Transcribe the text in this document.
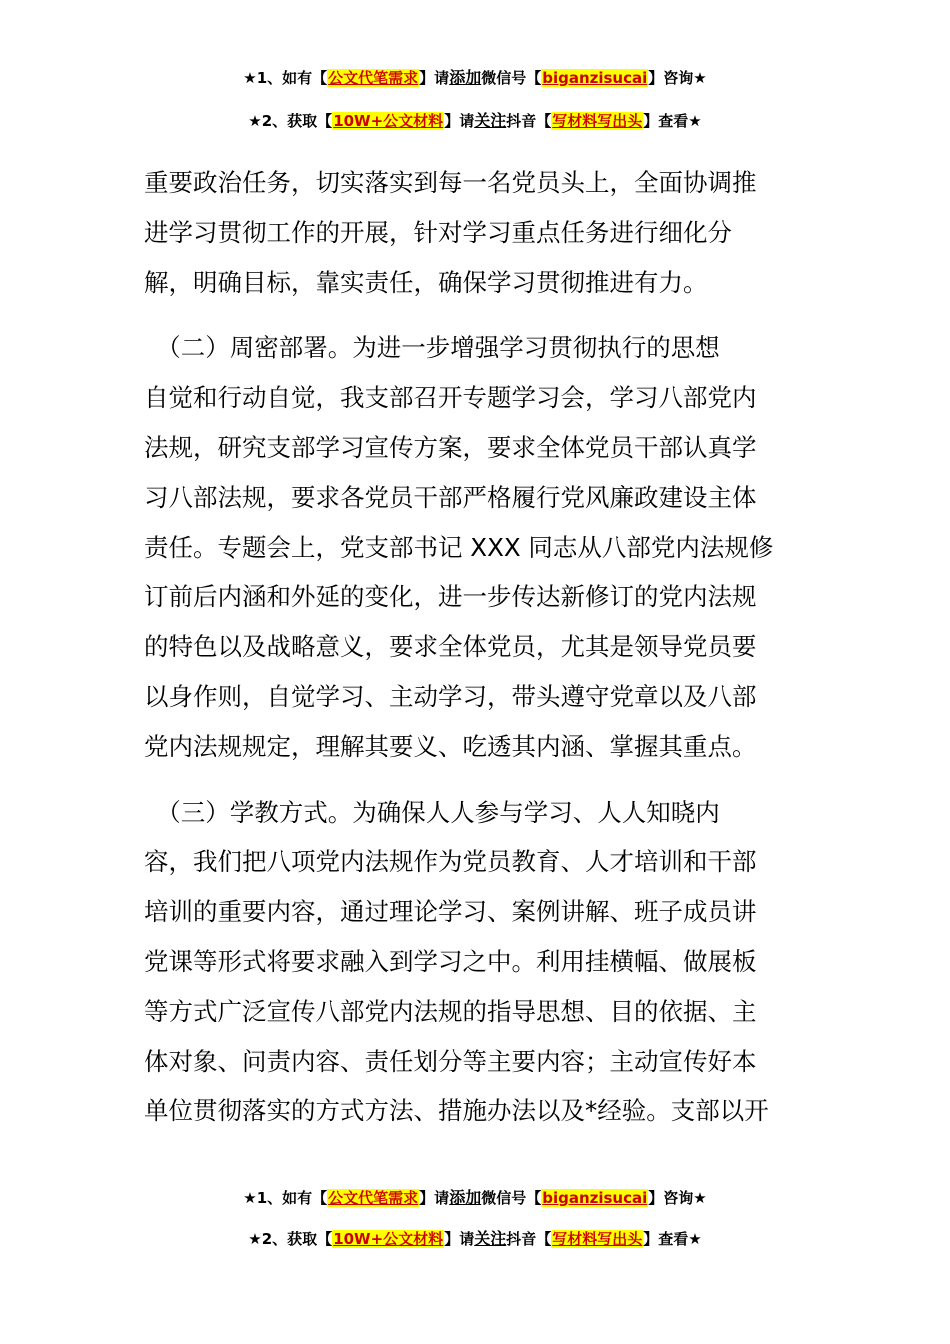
★1、如有【公文代笔需求】请添加微信号【biganzisucai】咨询★
★2、获取【10W+公文材料】请关注抖音【写材料写出头】查看★

重要政治任务，切实落实到每一名党员头上，全面协调推

进学习贯彻工作的开展，针对学习重点任务进行细化分

解，明确目标，靠实责任，确保学习贯彻推进有力。

　（二）周密部署。为进一步增强学习贯彻执行的思想

自觉和行动自觉，我支部召开专题学习会，学习八部党内

法规，研究支部学习宣传方案，要求全体党员干部认真学

习八部法规，要求各党员干部严格履行党风廉政建设主体

责任。专题会上，党支部书记 XXX 同志从八部党内法规修

订前后内涵和外延的变化，进一步传达新修订的党内法规

的特色以及战略意义，要求全体党员，尤其是领导党员要

以身作则，自觉学习、主动学习，带头遵守党章以及八部

党内法规规定，理解其要义、吃透其内涵、掌握其重点。

　（三）学教方式。为确保人人参与学习、人人知晓内

容，我们把八项党内法规作为党员教育、人才培训和干部

培训的重要内容，通过理论学习、案例讲解、班子成员讲

党课等形式将要求融入到学习之中。利用挂横幅、做展板

等方式广泛宣传八部党内法规的指导思想、目的依据、主

体对象、问责内容、责任划分等主要内容；主动宣传好本

单位贯彻落实的方式方法、措施办法以及*经验。支部以开

★1、如有【公文代笔需求】请添加微信号【biganzisucai】咨询★
★2、获取【10W+公文材料】请关注抖音【写材料写出头】查看★
